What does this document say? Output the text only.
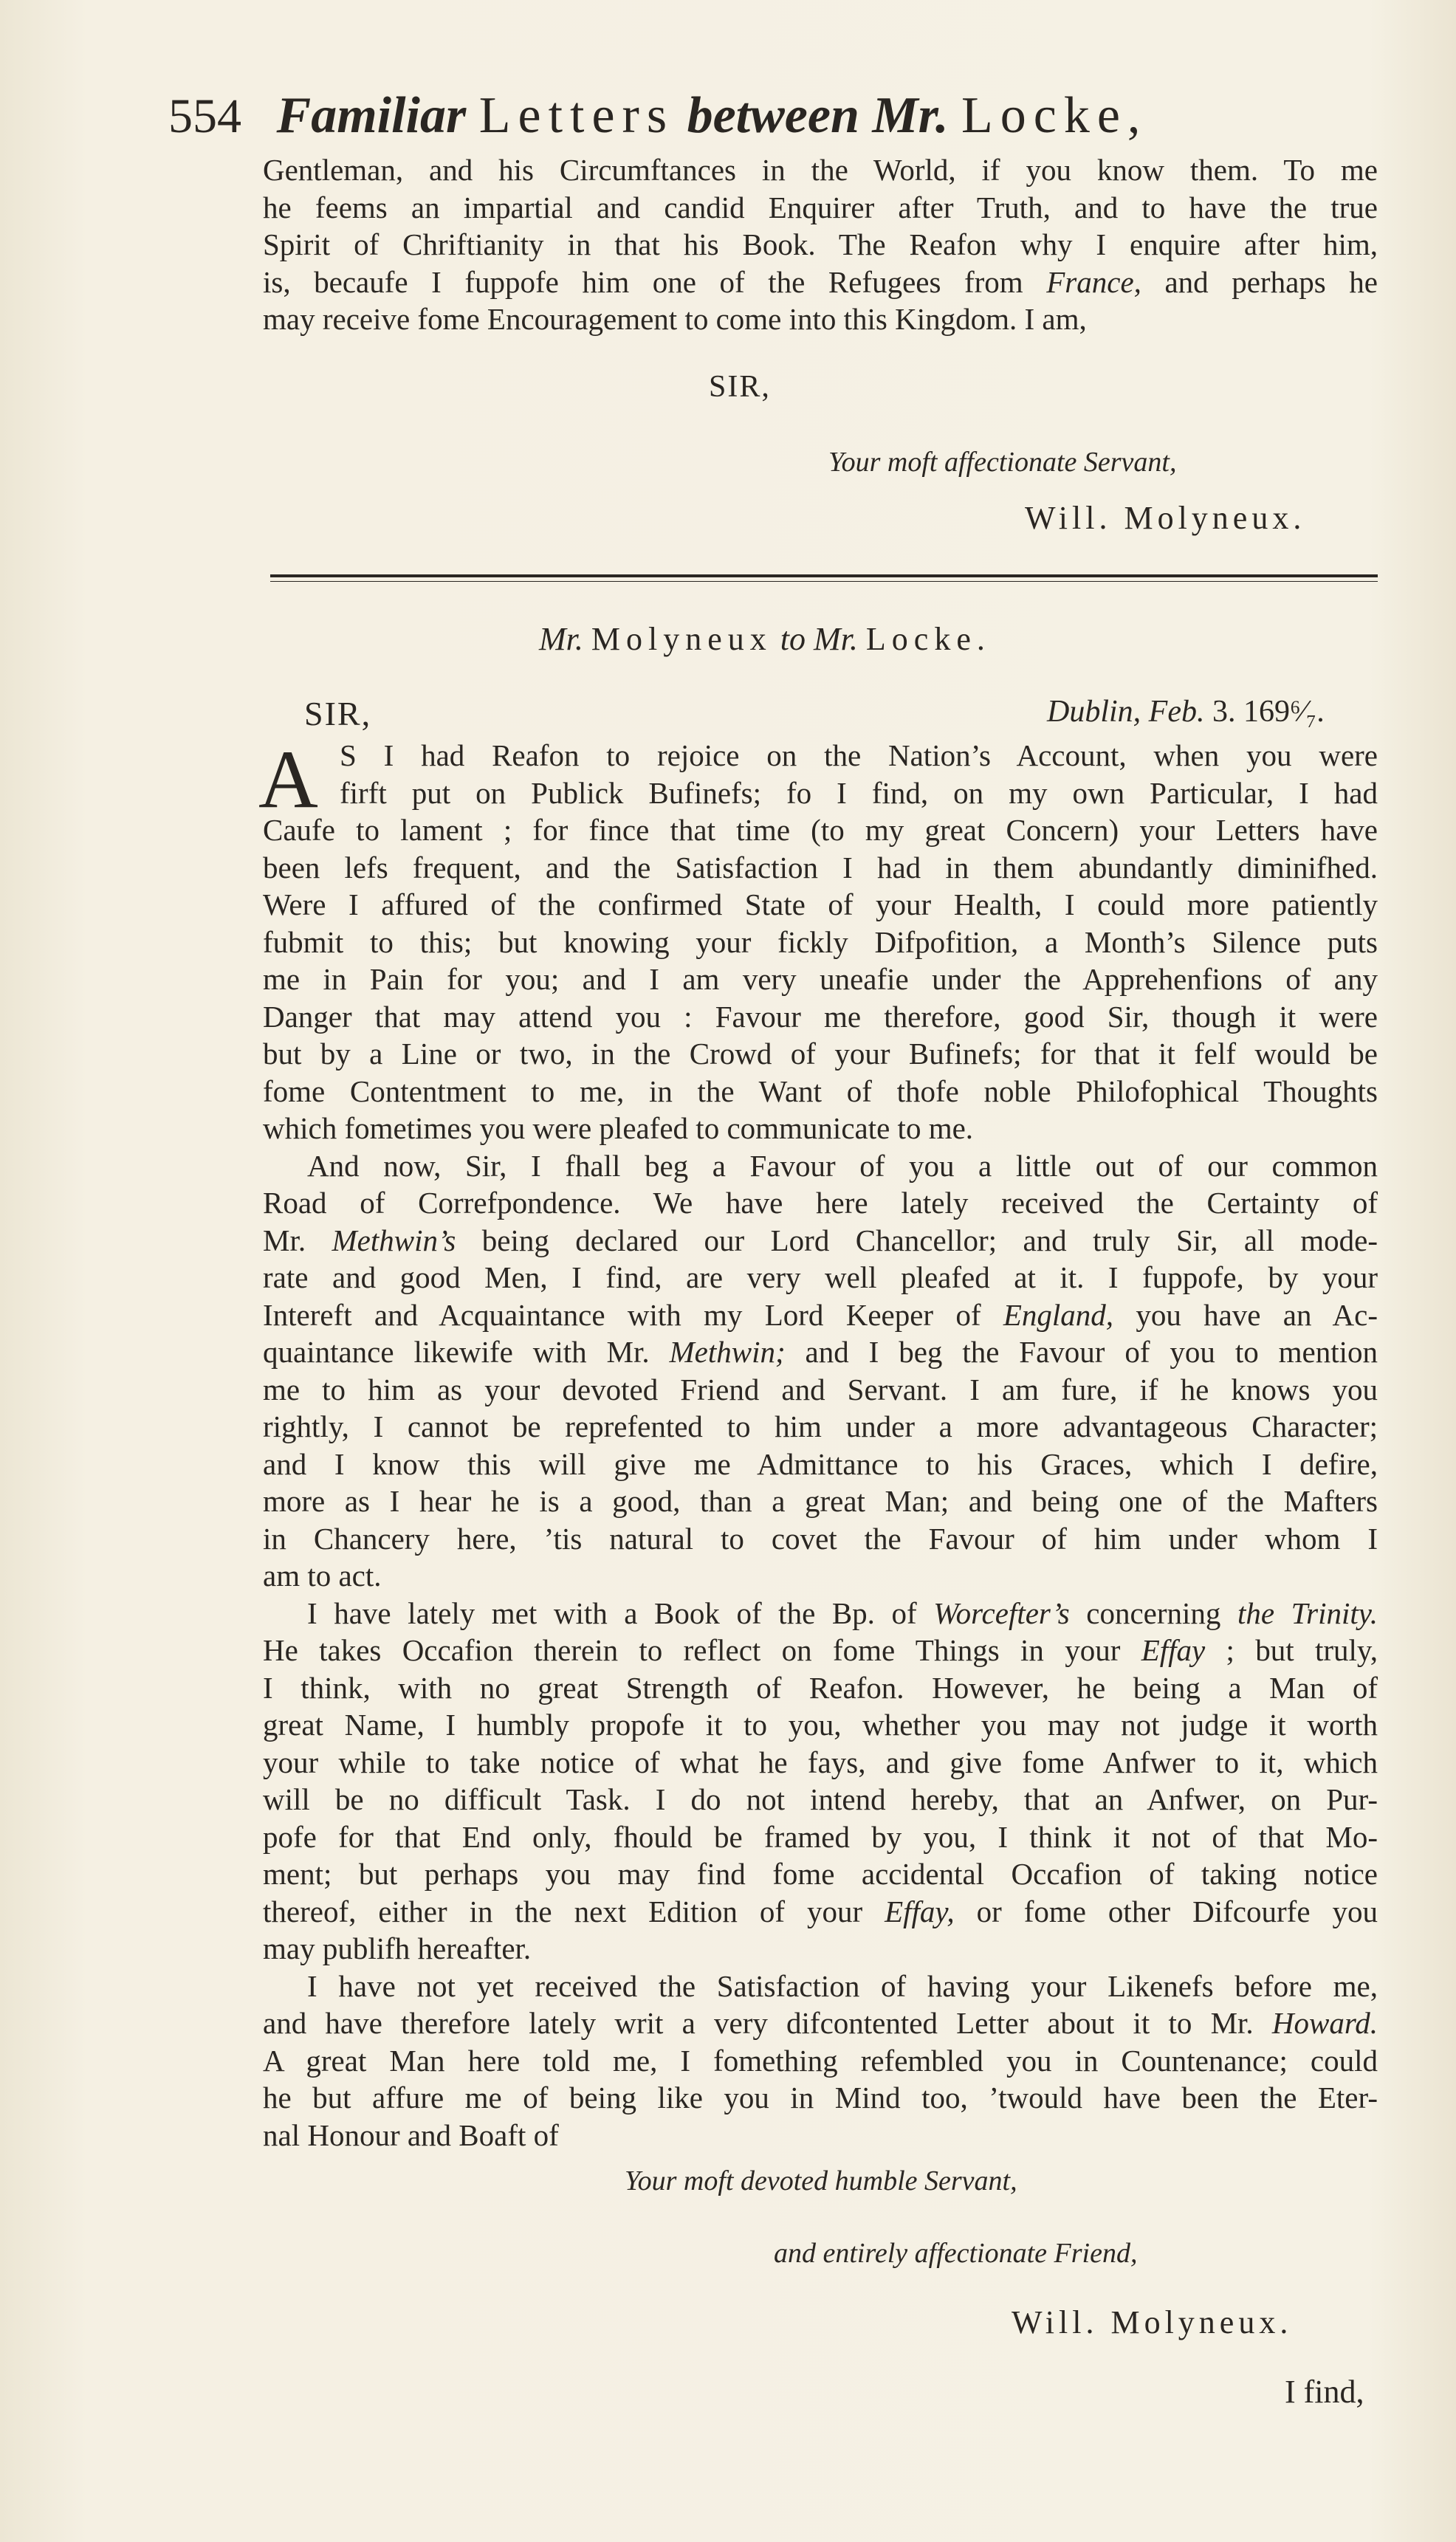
554 Familiar Letters between Mr. Locke,
Gentleman, and his Circumftances in the World, if you know them. To me
he feems an impartial and candid Enquirer after Truth, and to have the true
Spirit of Chriftianity in that his Book. The Reafon why I enquire after him,
is, becaufe I fuppofe him one of the Refugees from France, and perhaps he
may receive fome Encouragement to come into this Kingdom. I am,
SIR,
Your moft affectionate Servant,
Will. Molyneux.
Mr. Molyneux to Mr. Locke.
SIR,	Dublin, Feb. 3. 169⁶⁄₇.
A S I had Reafon to rejoice on the Nation’s Account, when you were
firft put on Publick Bufinefs; fo I find, on my own Particular, I had
Caufe to lament ; for fince that time (to my great Concern) your Letters have
been lefs frequent, and the Satisfaction I had in them abundantly diminifhed.
Were I affured of the confirmed State of your Health, I could more patiently
fubmit to this; but knowing your fickly Difpofition, a Month’s Silence puts
me in Pain for you; and I am very uneafie under the Apprehenfions of any
Danger that may attend you : Favour me therefore, good Sir, though it were
but by a Line or two, in the Crowd of your Bufinefs; for that it felf would be
fome Contentment to me, in the Want of thofe noble Philofophical Thoughts
which fometimes you were pleafed to communicate to me.
And now, Sir, I fhall beg a Favour of you a little out of our common
Road of Correfpondence. We have here lately received the Certainty of
Mr. Methwin’s being declared our Lord Chancellor; and truly Sir, all mode-
rate and good Men, I find, are very well pleafed at it. I fuppofe, by your
Intereft and Acquaintance with my Lord Keeper of England, you have an Ac-
quaintance likewife with Mr. Methwin; and I beg the Favour of you to mention
me to him as your devoted Friend and Servant. I am fure, if he knows you
rightly, I cannot be reprefented to him under a more advantageous Character;
and I know this will give me Admittance to his Graces, which I defire,
more as I hear he is a good, than a great Man; and being one of the Mafters
in Chancery here, ’tis natural to covet the Favour of him under whom I
am to act.
I have lately met with a Book of the Bp. of Worcefter’s concerning the Trinity.
He takes Occafion therein to reflect on fome Things in your Effay ; but truly,
I think, with no great Strength of Reafon. However, he being a Man of
great Name, I humbly propofe it to you, whether you may not judge it worth
your while to take notice of what he fays, and give fome Anfwer to it, which
will be no difficult Task. I do not intend hereby, that an Anfwer, on Pur-
pofe for that End only, fhould be framed by you, I think it not of that Mo-
ment; but perhaps you may find fome accidental Occafion of taking notice
thereof, either in the next Edition of your Effay, or fome other Difcourfe you
may publifh hereafter.
I have not yet received the Satisfaction of having your Likenefs before me,
and have therefore lately writ a very difcontented Letter about it to Mr. Howard.
A great Man here told me, I fomething refembled you in Countenance; could
he but affure me of being like you in Mind too, ’twould have been the Eter-
nal Honour and Boaft of
Your moft devoted humble Servant,
and entirely affectionate Friend,
Will. Molyneux.
I find,
